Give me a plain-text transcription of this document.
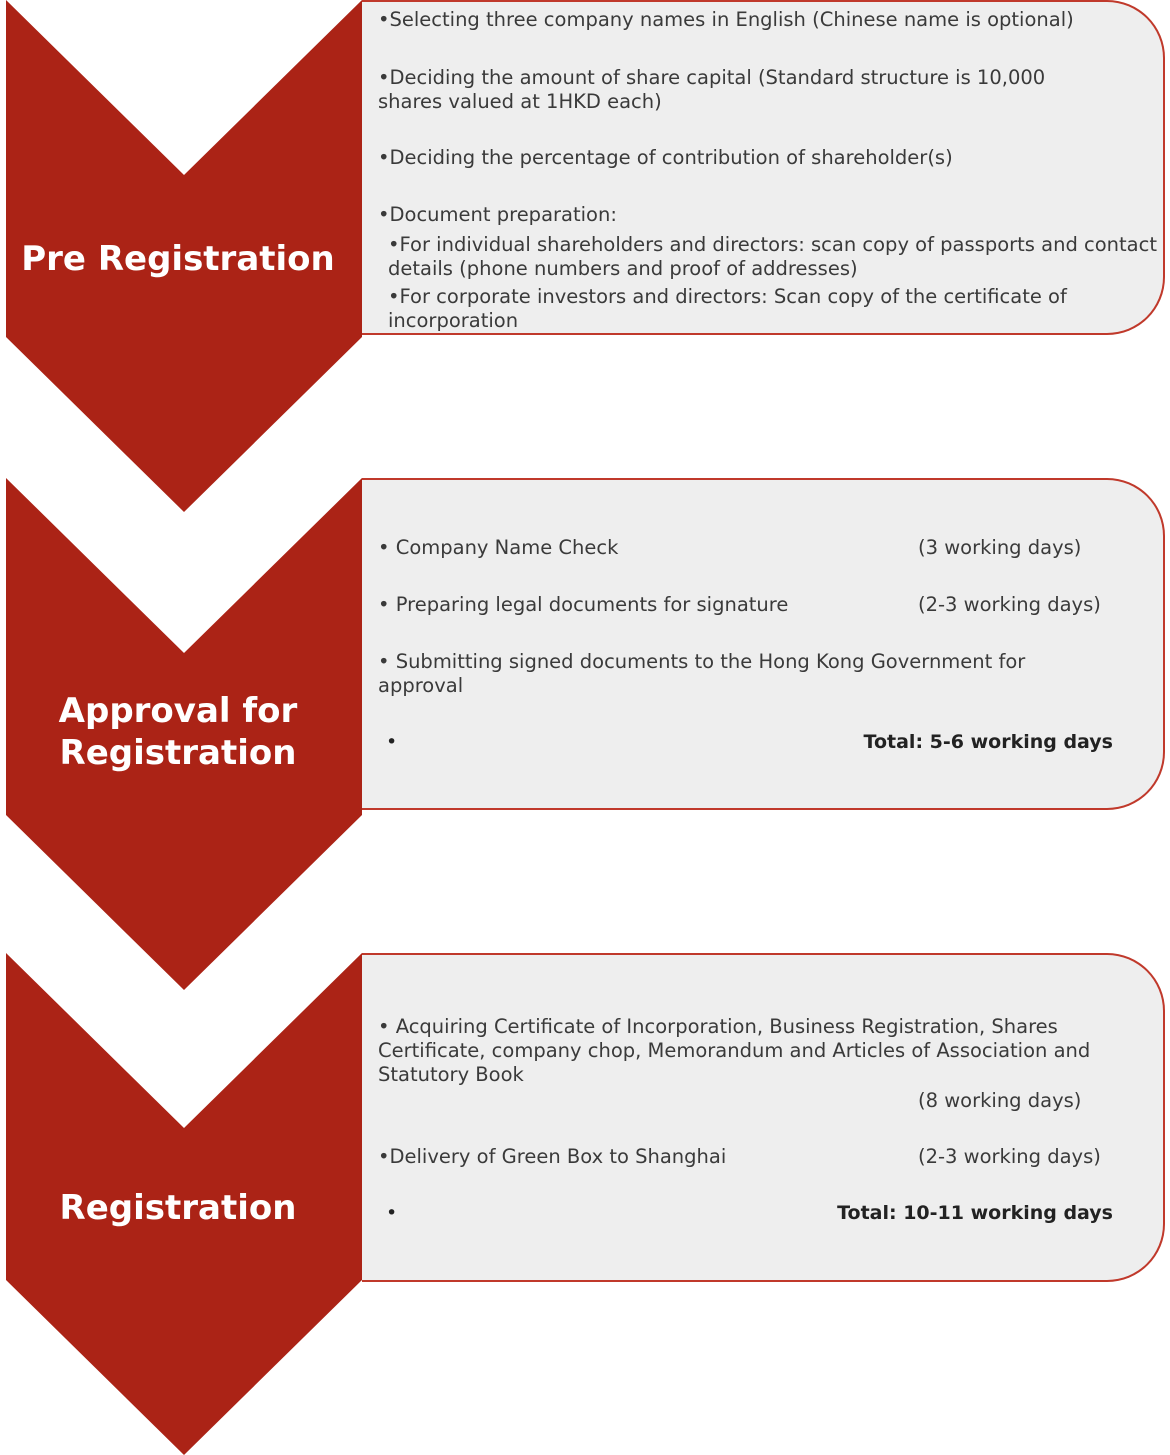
Pre Registration
•Selecting three company names in English (Chinese name is optional)
•Deciding the amount of share capital (Standard structure is 10,000 shares valued at 1HKD each)
•Deciding the percentage of contribution of shareholder(s)
•Document preparation:
•For individual shareholders and directors: scan copy of passports and contact details (phone numbers and proof of addresses)
•For corporate investors and directors: Scan copy of the certificate of incorporation
Approval for Registration
• Company Name Check	(3 working days)
• Preparing legal documents for signature	(2-3 working days)
• Submitting signed documents to the Hong Kong Government for approval
•	Total: 5-6 working days
Registration
• Acquiring Certificate of Incorporation, Business Registration, Shares Certificate, company chop, Memorandum and Articles of Association and Statutory Book
(8 working days)
•Delivery of Green Box to Shanghai	(2-3 working days)
•	Total: 10-11 working days
